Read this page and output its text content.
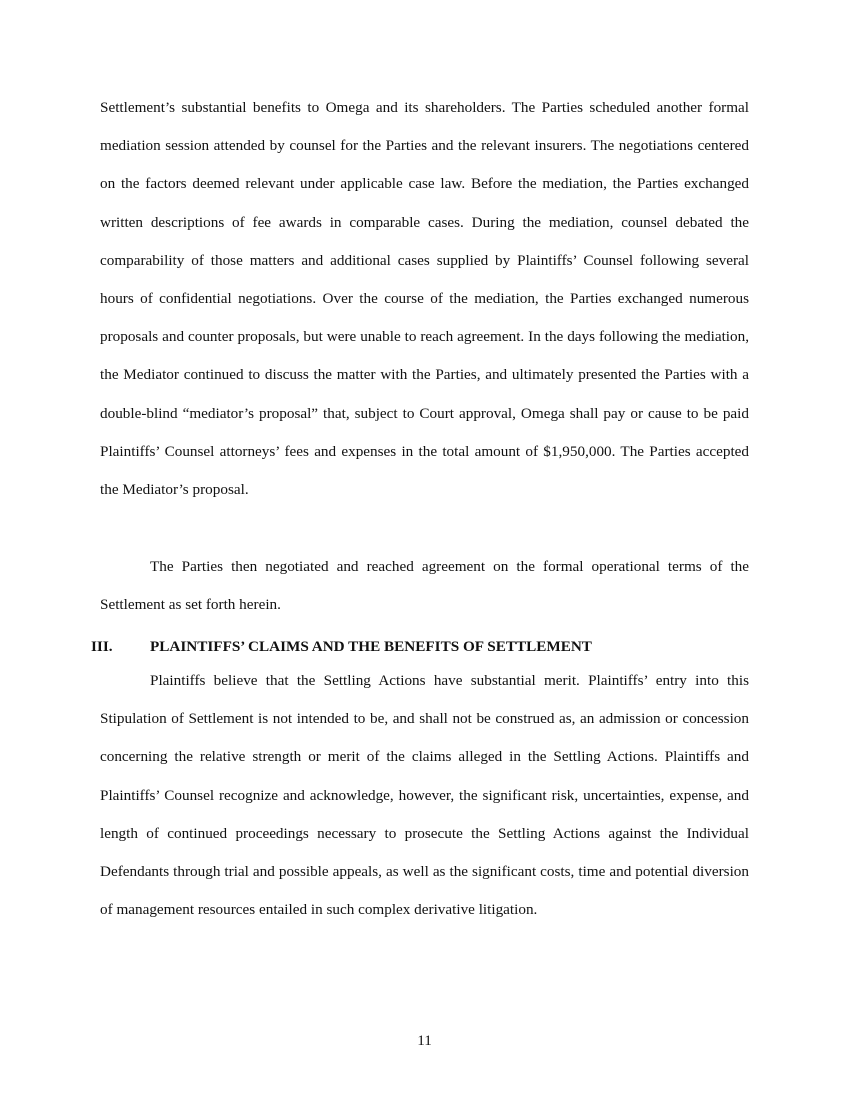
Settlement’s substantial benefits to Omega and its shareholders. The Parties scheduled another formal mediation session attended by counsel for the Parties and the relevant insurers. The negotiations centered on the factors deemed relevant under applicable case law. Before the mediation, the Parties exchanged written descriptions of fee awards in comparable cases. During the mediation, counsel debated the comparability of those matters and additional cases supplied by Plaintiffs’ Counsel following several hours of confidential negotiations. Over the course of the mediation, the Parties exchanged numerous proposals and counter proposals, but were unable to reach agreement. In the days following the mediation, the Mediator continued to discuss the matter with the Parties, and ultimately presented the Parties with a double-blind “mediator’s proposal” that, subject to Court approval, Omega shall pay or cause to be paid Plaintiffs’ Counsel attorneys’ fees and expenses in the total amount of $1,950,000. The Parties accepted the Mediator’s proposal.

The Parties then negotiated and reached agreement on the formal operational terms of the Settlement as set forth herein.

III. PLAINTIFFS’ CLAIMS AND THE BENEFITS OF SETTLEMENT

Plaintiffs believe that the Settling Actions have substantial merit. Plaintiffs’ entry into this Stipulation of Settlement is not intended to be, and shall not be construed as, an admission or concession concerning the relative strength or merit of the claims alleged in the Settling Actions. Plaintiffs and Plaintiffs’ Counsel recognize and acknowledge, however, the significant risk, uncertainties, expense, and length of continued proceedings necessary to prosecute the Settling Actions against the Individual Defendants through trial and possible appeals, as well as the significant costs, time and potential diversion of management resources entailed in such complex derivative litigation.

11
